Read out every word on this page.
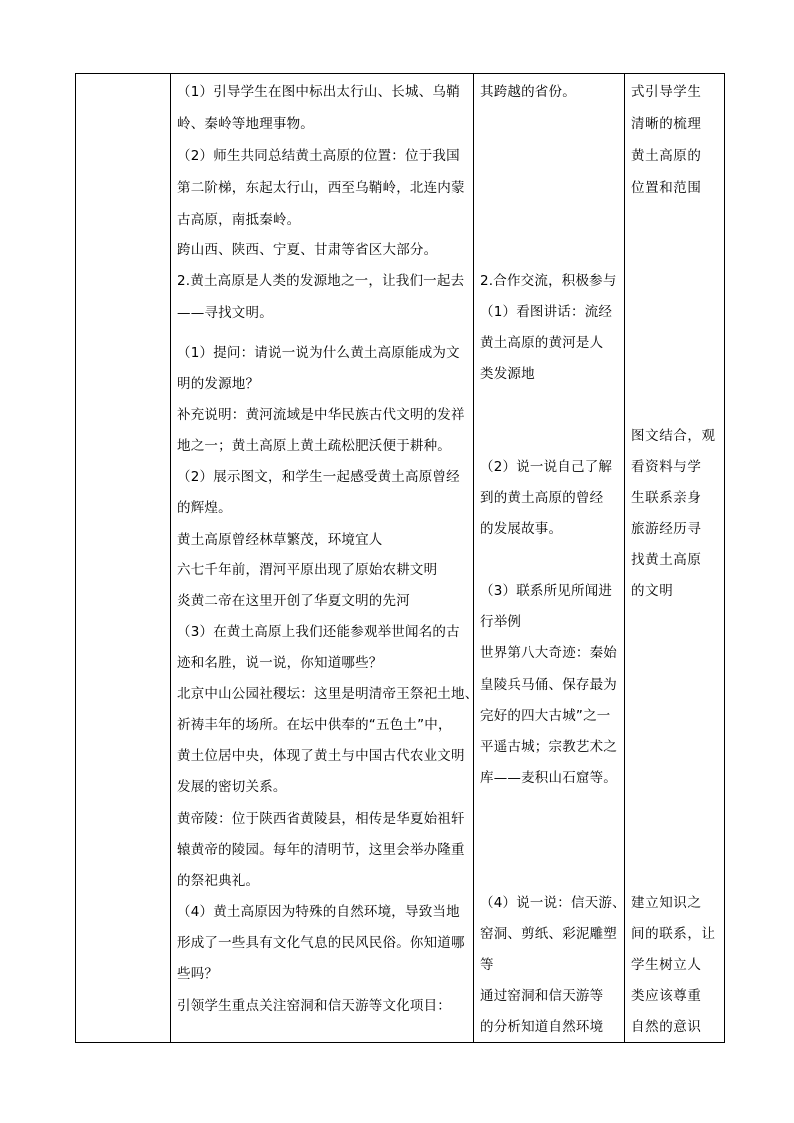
（1）引导学生在图中标出太行山、长城、乌鞘
岭、秦岭等地理事物。
（2）师生共同总结黄土高原的位置：位于我国
第二阶梯，东起太行山，西至乌鞘岭，北连内蒙
古高原，南抵秦岭。
跨山西、陕西、宁夏、甘肃等省区大部分。
2.黄土高原是人类的发源地之一，让我们一起去
——寻找文明。
（1）提问：请说一说为什么黄土高原能成为文
明的发源地？
补充说明：黄河流域是中华民族古代文明的发祥
地之一；黄土高原上黄土疏松肥沃便于耕种。
（2）展示图文，和学生一起感受黄土高原曾经
的辉煌。
黄土高原曾经林草繁茂，环境宜人
六七千年前，渭河平原出现了原始农耕文明
炎黄二帝在这里开创了华夏文明的先河
（3）在黄土高原上我们还能参观举世闻名的古
迹和名胜，说一说，你知道哪些？
北京中山公园社稷坛：这里是明清帝王祭祀土地、
祈祷丰年的场所。在坛中供奉的“五色土”中，
黄土位居中央，体现了黄土与中国古代农业文明
发展的密切关系。
黄帝陵：位于陕西省黄陵县，相传是华夏始祖轩
辕黄帝的陵园。每年的清明节，这里会举办隆重
的祭祀典礼。
（4）黄土高原因为特殊的自然环境，导致当地
形成了一些具有文化气息的民风民俗。你知道哪
些吗？
引领学生重点关注窑洞和信天游等文化项目：

其跨越的省份。
2.合作交流，积极参与
（1）看图讲话：流经
黄土高原的黄河是人
类发源地
（2）说一说自己了解
到的黄土高原的曾经
的发展故事。
（3）联系所见所闻进
行举例
世界第八大奇迹：秦始
皇陵兵马俑、保存最为
完好的四大古城”之一
平遥古城；宗教艺术之
库——麦积山石窟等。
（4）说一说：信天游、
窑洞、剪纸、彩泥雕塑
等
通过窑洞和信天游等
的分析知道自然环境

式引导学生
清晰的梳理
黄土高原的
位置和范围
图文结合，观
看资料与学
生联系亲身
旅游经历寻
找黄土高原
的文明
建立知识之
间的联系，让
学生树立人
类应该尊重
自然的意识
